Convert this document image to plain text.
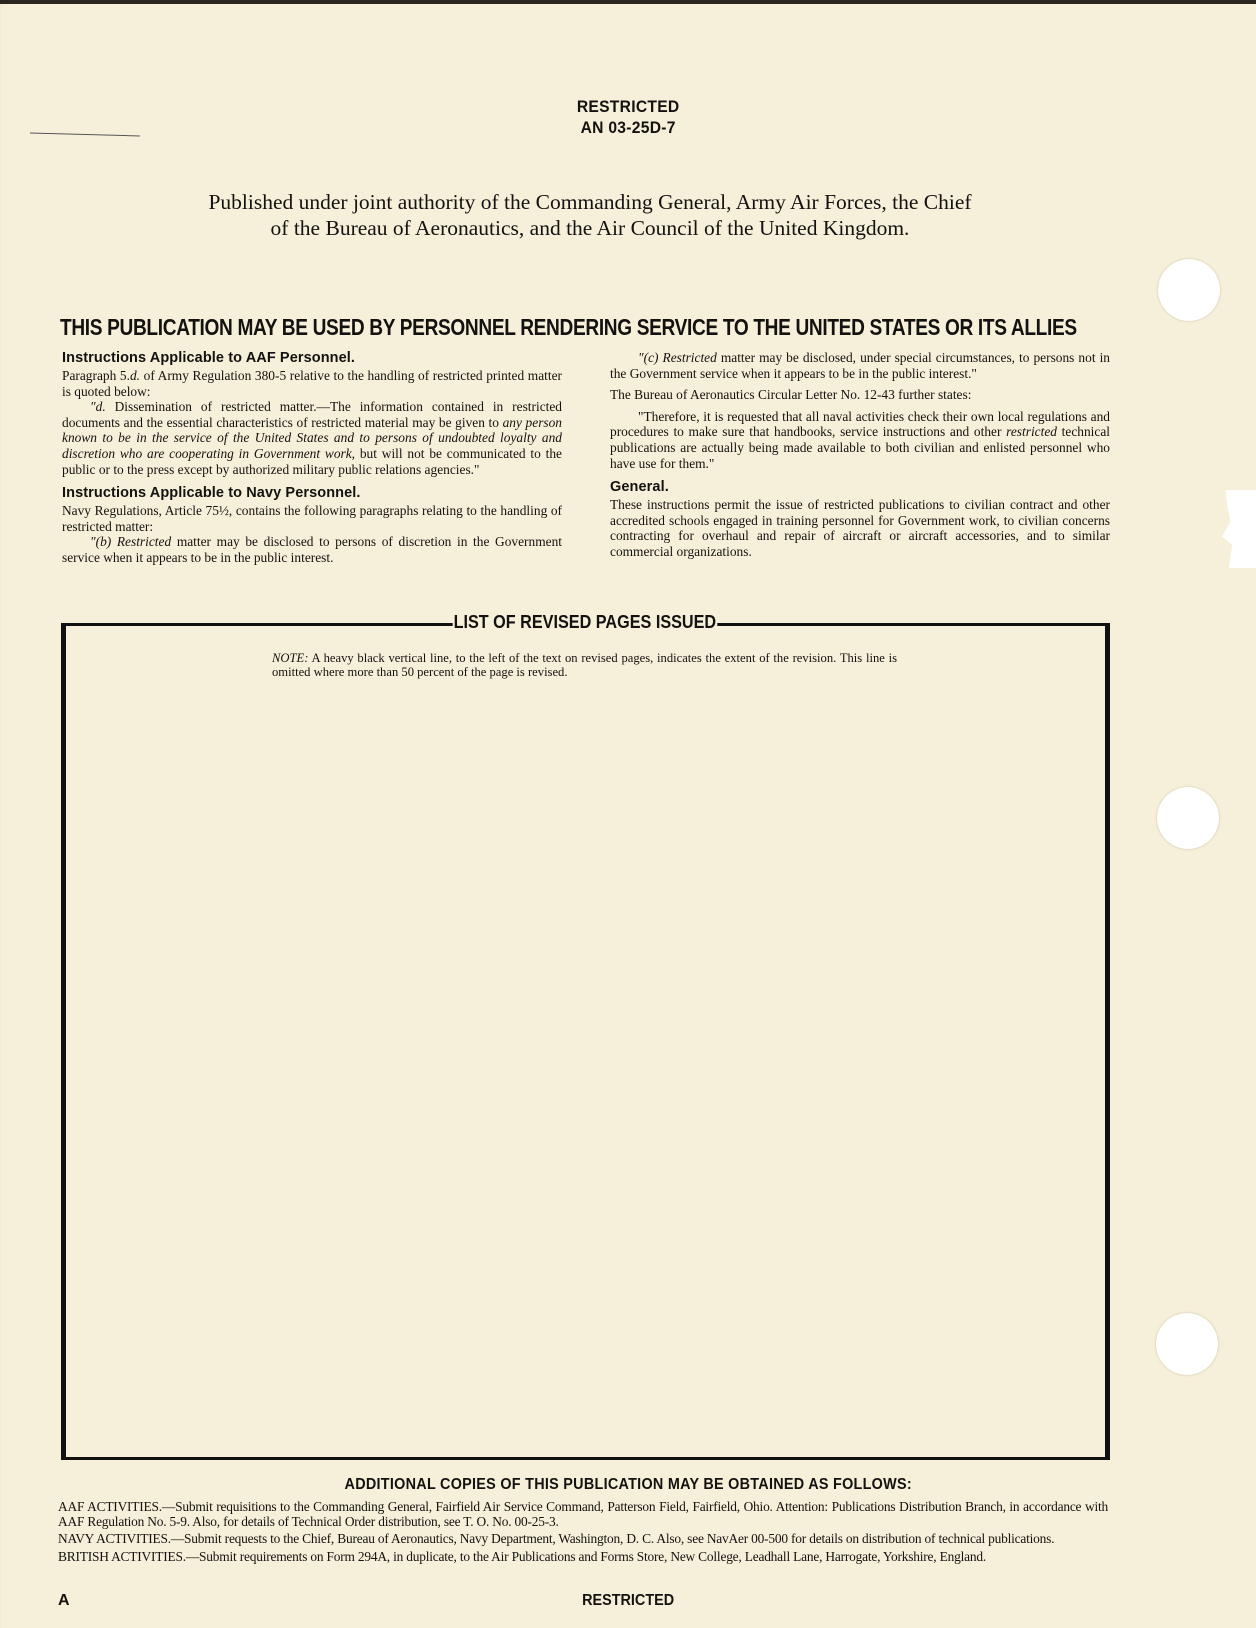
RESTRICTED
AN 03-25D-7
Published under joint authority of the Commanding General, Army Air Forces, the Chief of the Bureau of Aeronautics, and the Air Council of the United Kingdom.
THIS PUBLICATION MAY BE USED BY PERSONNEL RENDERING SERVICE TO THE UNITED STATES OR ITS ALLIES
Instructions Applicable to AAF Personnel.

Paragraph 5.d. of Army Regulation 380-5 relative to the handling of restricted printed matter is quoted below:

"d. Dissemination of restricted matter.—The information contained in restricted documents and the essential characteristics of restricted material may be given to any person known to be in the service of the United States and to persons of undoubted loyalty and discretion who are cooperating in Government work, but will not be communicated to the public or to the press except by authorized military public relations agencies."

Instructions Applicable to Navy Personnel.

Navy Regulations, Article 75½, contains the following paragraphs relating to the handling of restricted matter:

"(b) Restricted matter may be disclosed to persons of discretion in the Government service when it appears to be in the public interest.

"(c) Restricted matter may be disclosed, under special circumstances, to persons not in the Government service when it appears to be in the public interest."

The Bureau of Aeronautics Circular Letter No. 12-43 further states:

"Therefore, it is requested that all naval activities check their own local regulations and procedures to make sure that handbooks, service instructions and other restricted technical publications are actually being made available to both civilian and enlisted personnel who have use for them."

General.

These instructions permit the issue of restricted publications to civilian contract and other accredited schools engaged in training personnel for Government work, to civilian concerns contracting for overhaul and repair of aircraft or aircraft accessories, and to similar commercial organizations.

LIST OF REVISED PAGES ISSUED
NOTE: A heavy black vertical line, to the left of the text on revised pages, indicates the extent of the revision. This line is omitted where more than 50 percent of the page is revised.
ADDITIONAL COPIES OF THIS PUBLICATION MAY BE OBTAINED AS FOLLOWS:

AAF ACTIVITIES.—Submit requisitions to the Commanding General, Fairfield Air Service Command, Patterson Field, Fairfield, Ohio. Attention: Publications Distribution Branch, in accordance with AAF Regulation No. 5-9. Also, for details of Technical Order distribution, see T. O. No. 00-25-3.

NAVY ACTIVITIES.—Submit requests to the Chief, Bureau of Aeronautics, Navy Department, Washington, D. C. Also, see NavAer 00-500 for details on distribution of technical publications.

BRITISH ACTIVITIES.—Submit requirements on Form 294A, in duplicate, to the Air Publications and Forms Store, New College, Leadhall Lane, Harrogate, Yorkshire, England.

A	RESTRICTED
